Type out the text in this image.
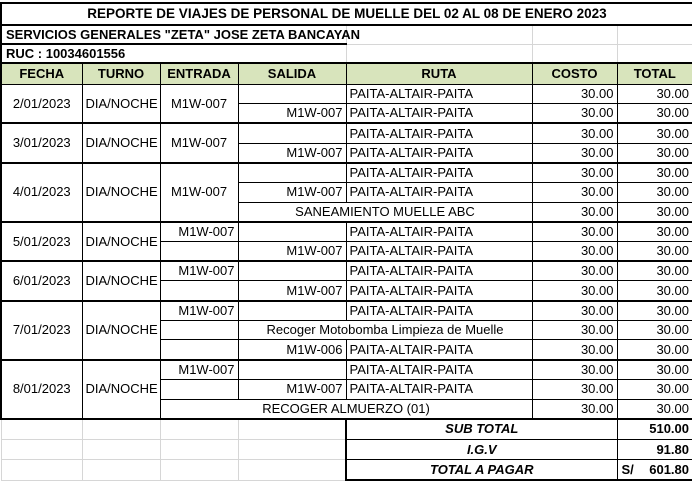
REPORTE DE VIAJES DE PERSONAL DE MUELLE DEL 02 AL 08 DE ENERO 2023						
SERVICIOS GENERALES "ZETA" JOSE ZETA BANCAYAN						
RUC : 10034601556						
FECHA	TURNO	ENTRADA	SALIDA	RUTA	COSTO	TOTAL
2/01/2023	DIA/NOCHE	M1W-007		PAITA-ALTAIR-PAITA	30.00	30.00
			M1W-007	PAITA-ALTAIR-PAITA	30.00	30.00
3/01/2023	DIA/NOCHE	M1W-007		PAITA-ALTAIR-PAITA	30.00	30.00
			M1W-007	PAITA-ALTAIR-PAITA	30.00	30.00
4/01/2023	DIA/NOCHE	M1W-007		PAITA-ALTAIR-PAITA	30.00	30.00
			M1W-007	PAITA-ALTAIR-PAITA	30.00	30.00
			SANEAMIENTO MUELLE ABC		30.00	30.00
5/01/2023	DIA/NOCHE	M1W-007		PAITA-ALTAIR-PAITA	30.00	30.00
			M1W-007	PAITA-ALTAIR-PAITA	30.00	30.00
6/01/2023	DIA/NOCHE	M1W-007		PAITA-ALTAIR-PAITA	30.00	30.00
			M1W-007	PAITA-ALTAIR-PAITA	30.00	30.00
7/01/2023	DIA/NOCHE	M1W-007		PAITA-ALTAIR-PAITA	30.00	30.00
			Recoger Motobomba Limpieza de Muelle		30.00	30.00
			M1W-006	PAITA-ALTAIR-PAITA	30.00	30.00
8/01/2023	DIA/NOCHE	M1W-007		PAITA-ALTAIR-PAITA	30.00	30.00
			M1W-007	PAITA-ALTAIR-PAITA	30.00	30.00
		RECOGER ALMUERZO (01)			30.00	30.00
				SUB TOTAL		510.00
				I.G.V		91.80
				TOTAL A PAGAR		S/ 601.80
